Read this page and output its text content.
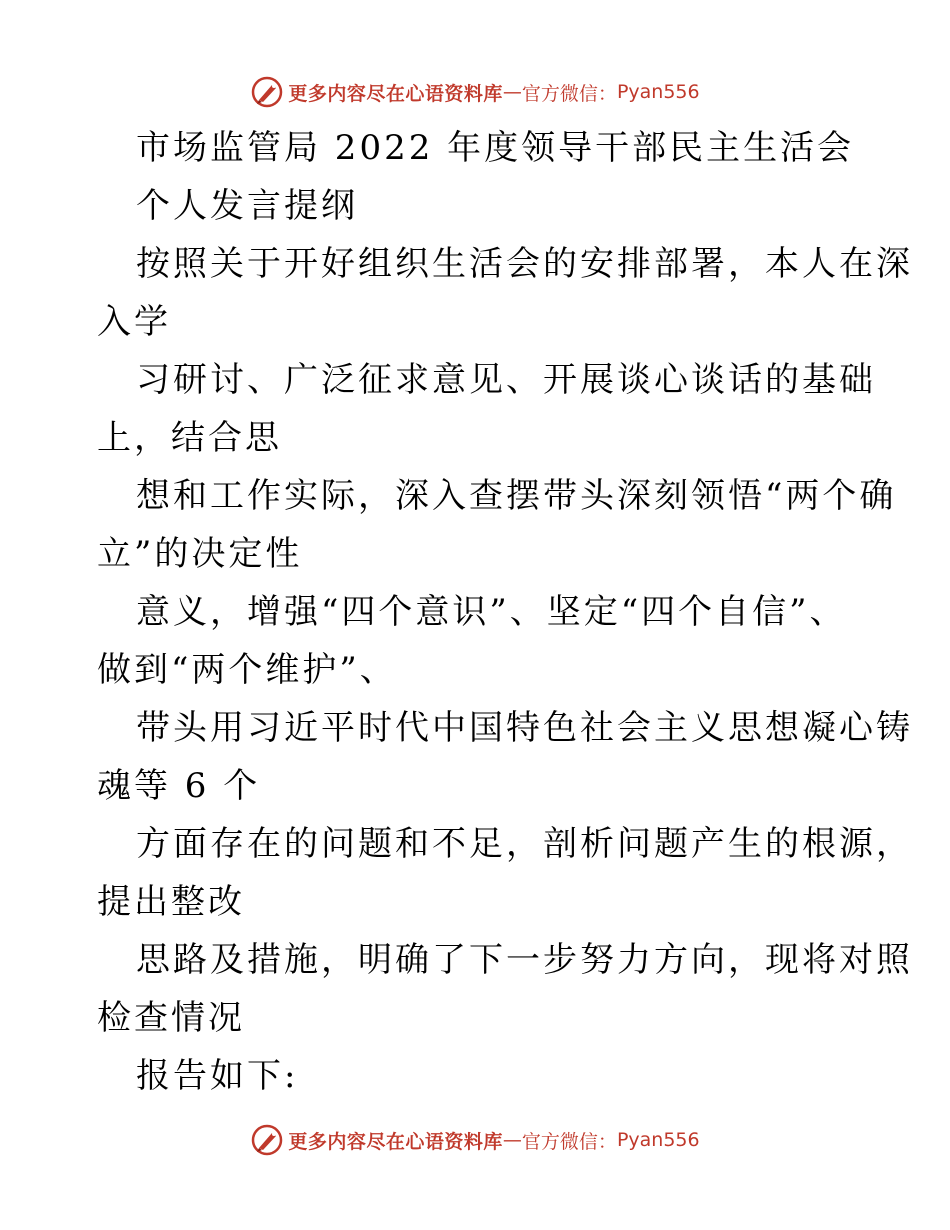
更多内容尽在心语资料库 — 官方微信： Pyan556
市场监管局 2022 年度领导干部民主生活会
个人发言提纲
按照关于开好组织生活会的安排部署，本人在深
入学
习研讨、广泛征求意见、开展谈心谈话的基础
上，结合思
想和工作实际，深入查摆带头深刻领悟“两个确
立”的决定性
意义，增强“四个意识”、坚定“四个自信”、
做到“两个维护”、
带头用习近平时代中国特色社会主义思想凝心铸
魂等 6 个
方面存在的问题和不足，剖析问题产生的根源，
提出整改
思路及措施，明确了下一步努力方向，现将对照
检查情况
报告如下:
更多内容尽在心语资料库 — 官方微信： Pyan556
